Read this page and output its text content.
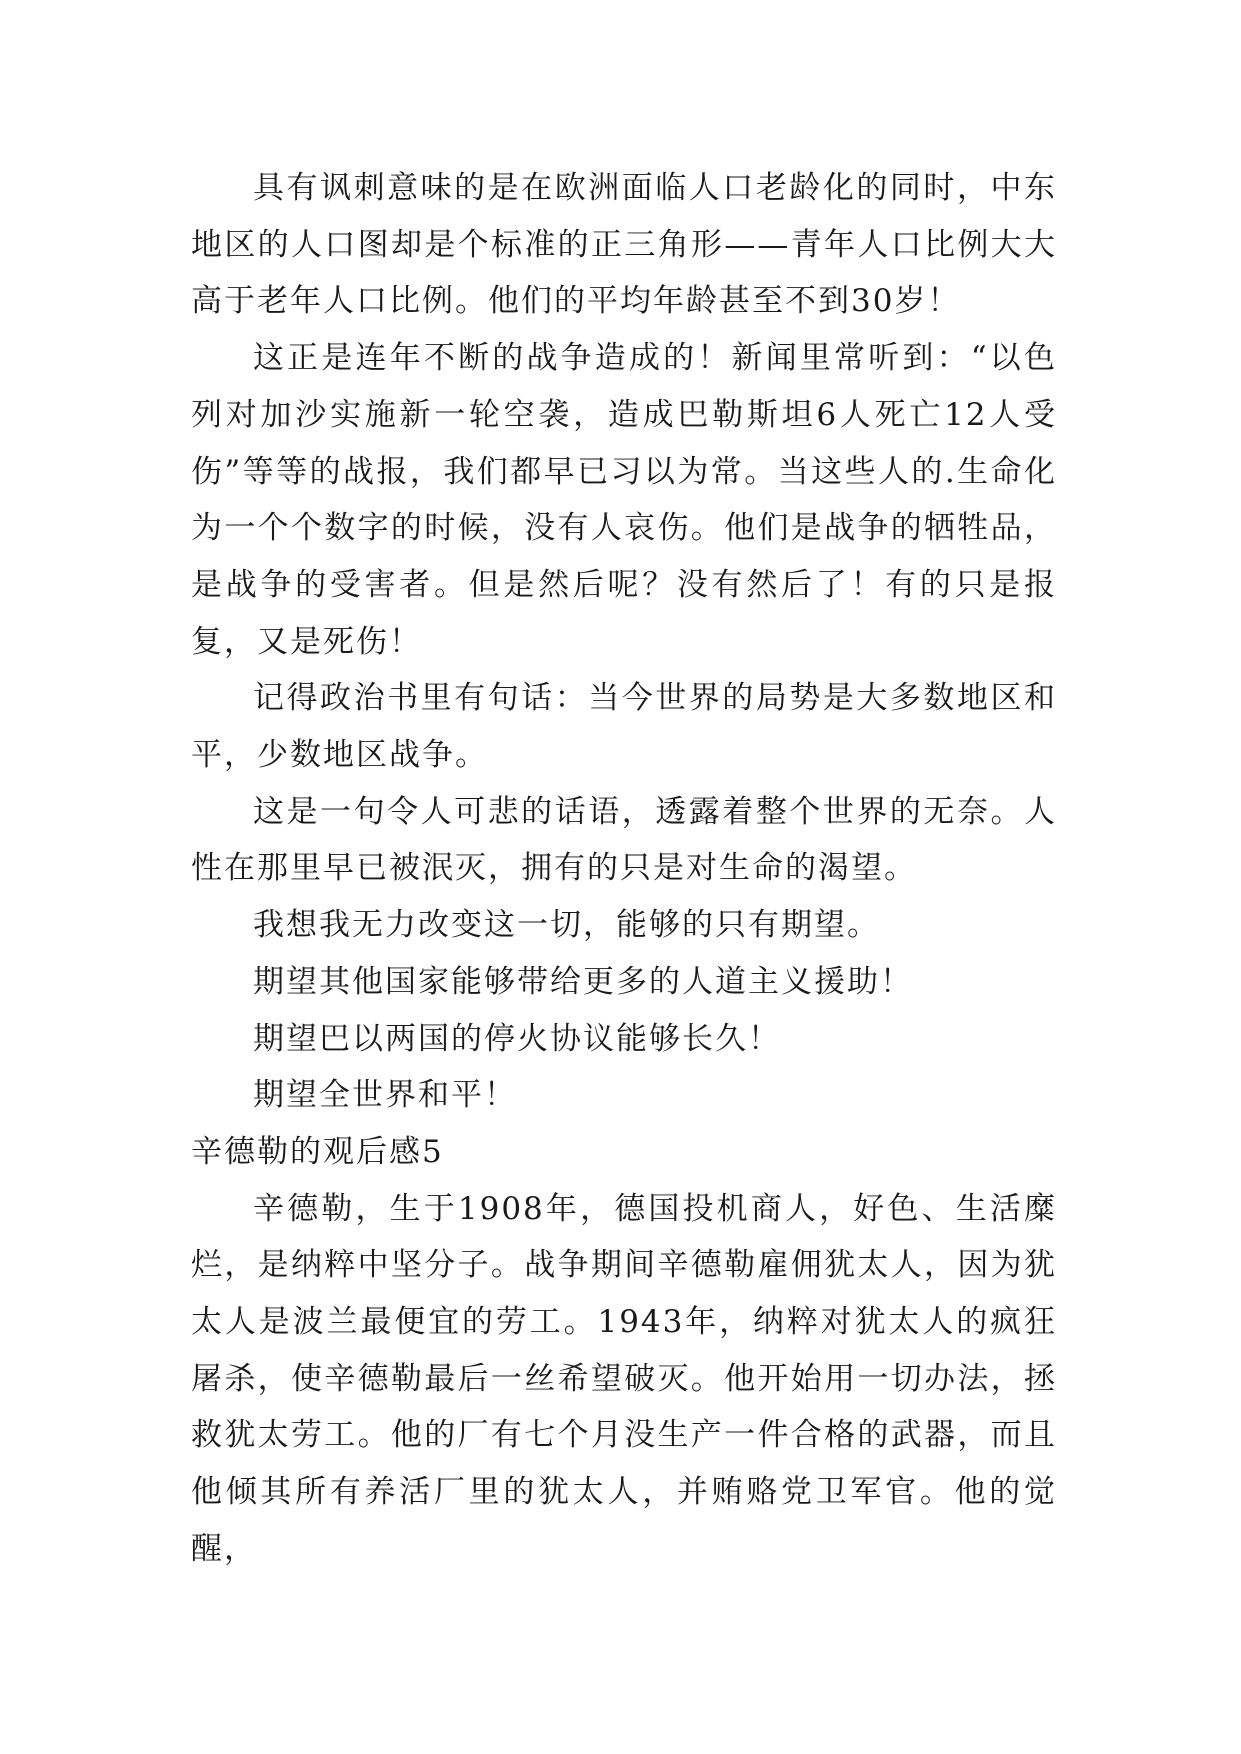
具有讽刺意味的是在欧洲面临人口老龄化的同时，中东地区的人口图却是个标准的正三角形——青年人口比例大大高于老年人口比例。他们的平均年龄甚至不到30岁！

这正是连年不断的战争造成的！新闻里常听到：“以色列对加沙实施新一轮空袭，造成巴勒斯坦6人死亡12人受伤”等等的战报，我们都早已习以为常。当这些人的.生命化为一个个数字的时候，没有人哀伤。他们是战争的牺牲品，是战争的受害者。但是然后呢？没有然后了！有的只是报复，又是死伤！

记得政治书里有句话：当今世界的局势是大多数地区和平，少数地区战争。

这是一句令人可悲的话语，透露着整个世界的无奈。人性在那里早已被泯灭，拥有的只是对生命的渴望。

我想我无力改变这一切，能够的只有期望。

期望其他国家能够带给更多的人道主义援助！

期望巴以两国的停火协议能够长久！

期望全世界和平！

辛德勒的观后感5

辛德勒，生于1908年，德国投机商人，好色、生活糜烂，是纳粹中坚分子。战争期间辛德勒雇佣犹太人，因为犹太人是波兰最便宜的劳工。1943年，纳粹对犹太人的疯狂屠杀，使辛德勒最后一丝希望破灭。他开始用一切办法，拯救犹太劳工。他的厂有七个月没生产一件合格的武器，而且他倾其所有养活厂里的犹太人，并贿赂党卫军官。他的觉醒，
